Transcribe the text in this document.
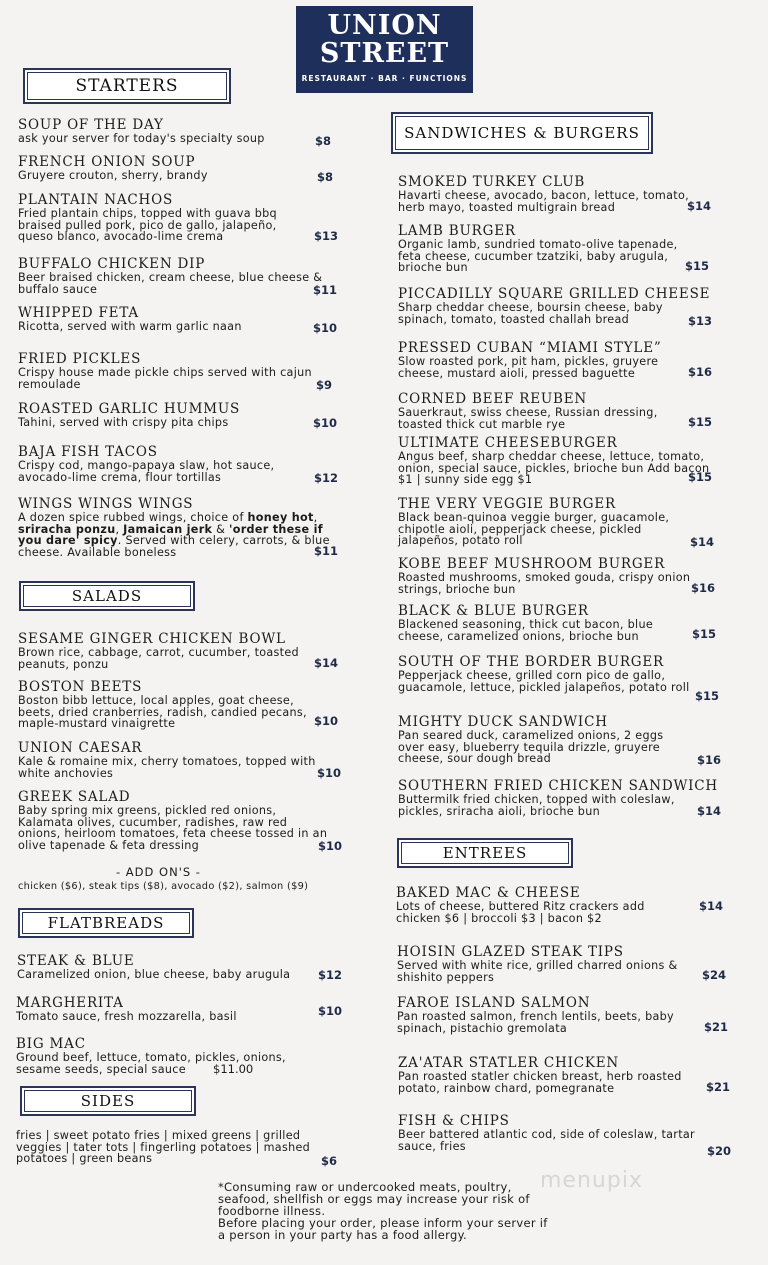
UNION
STREET
RESTAURANT · BAR · FUNCTIONS
STARTERS
SALADS
FLATBREADS
SIDES
SANDWICHES & BURGERS
ENTREES
SOUP OF THE DAY
ask your server for today's specialty soup	$8
FRENCH ONION SOUP
Gruyere crouton, sherry, brandy	$8
PLANTAIN NACHOS
Fried plantain chips, topped with guava bbq braised pulled pork, pico de gallo, jalapeño, queso blanco, avocado-lime crema	$13
BUFFALO CHICKEN DIP
Beer braised chicken, cream cheese, blue cheese & buffalo sauce	$11
WHIPPED FETA
Ricotta, served with warm garlic naan	$10
FRIED PICKLES
Crispy house made pickle chips served with cajun remoulade	$9
ROASTED GARLIC HUMMUS
Tahini, served with crispy pita chips	$10
BAJA FISH TACOS
Crispy cod, mango-papaya slaw, hot sauce, avocado-lime crema, flour tortillas	$12
WINGS WINGS WINGS
A dozen spice rubbed wings, choice of honey hot, sriracha ponzu, Jamaican jerk & 'order these if you dare' spicy. Served with celery, carrots, & blue cheese. Available boneless	$11
SESAME GINGER CHICKEN BOWL
Brown rice, cabbage, carrot, cucumber, toasted peanuts, ponzu	$14
BOSTON BEETS
Boston bibb lettuce, local apples, goat cheese, beets, dried cranberries, radish, candied pecans, maple-mustard vinaigrette	$10
UNION CAESAR
Kale & romaine mix, cherry tomatoes, topped with white anchovies	$10
GREEK SALAD
Baby spring mix greens, pickled red onions, Kalamata olives, cucumber, radishes, raw red onions, heirloom tomatoes, feta cheese tossed in an olive tapenade & feta dressing	$10
- ADD ON'S -
chicken ($6), steak tips ($8), avocado ($2), salmon ($9)
STEAK & BLUE
Caramelized onion, blue cheese, baby arugula	$12
MARGHERITA
Tomato sauce, fresh mozzarella, basil	$10
BIG MAC
Ground beef, lettuce, tomato, pickles, onions, sesame seeds, special sauce	$11.00
fries | sweet potato fries | mixed greens | grilled veggies | tater tots | fingerling potatoes | mashed potatoes | green beans	$6
SMOKED TURKEY CLUB
Havarti cheese, avocado, bacon, lettuce, tomato, herb mayo, toasted multigrain bread	$14
LAMB BURGER
Organic lamb, sundried tomato-olive tapenade, feta cheese, cucumber tzatziki, baby arugula, brioche bun	$15
PICCADILLY SQUARE GRILLED CHEESE
Sharp cheddar cheese, boursin cheese, baby spinach, tomato, toasted challah bread	$13
PRESSED CUBAN “MIAMI STYLE”
Slow roasted pork, pit ham, pickles, gruyere cheese, mustard aioli, pressed baguette	$16
CORNED BEEF REUBEN
Sauerkraut, swiss cheese, Russian dressing, toasted thick cut marble rye	$15
ULTIMATE CHEESEBURGER
Angus beef, sharp cheddar cheese, lettuce, tomato, onion, special sauce, pickles, brioche bun Add bacon $1 | sunny side egg $1	$15
THE VERY VEGGIE BURGER
Black bean-quinoa veggie burger, guacamole, chipotle aioli, pepperjack cheese, pickled jalapeños, potato roll	$14
KOBE BEEF MUSHROOM BURGER
Roasted mushrooms, smoked gouda, crispy onion strings, brioche bun	$16
BLACK & BLUE BURGER
Blackened seasoning, thick cut bacon, blue cheese, caramelized onions, brioche bun	$15
SOUTH OF THE BORDER BURGER
Pepperjack cheese, grilled corn pico de gallo, guacamole, lettuce, pickled jalapeños, potato roll
$15
MIGHTY DUCK SANDWICH
Pan seared duck, caramelized onions, 2 eggs over easy, blueberry tequila drizzle, gruyere cheese, sour dough bread	$16
SOUTHERN FRIED CHICKEN SANDWICH
Buttermilk fried chicken, topped with coleslaw, pickles, sriracha aioli, brioche bun	$14
BAKED MAC & CHEESE
Lots of cheese, buttered Ritz crackers add chicken $6 | broccoli $3 | bacon $2
$14
HOISIN GLAZED STEAK TIPS
Served with white rice, grilled charred onions & shishito peppers	$24
FAROE ISLAND SALMON
Pan roasted salmon, french lentils, beets, baby spinach, pistachio gremolata	$21
ZA'ATAR STATLER CHICKEN
Pan roasted statler chicken breast, herb roasted potato, rainbow chard, pomegranate	$21
FISH & CHIPS
Beer battered atlantic cod, side of coleslaw, tartar sauce, fries	$20
*Consuming raw or undercooked meats, poultry, seafood, shellfish or eggs may increase your risk of foodborne illness.
Before placing your order, please inform your server if a person in your party has a food allergy.
menupix
